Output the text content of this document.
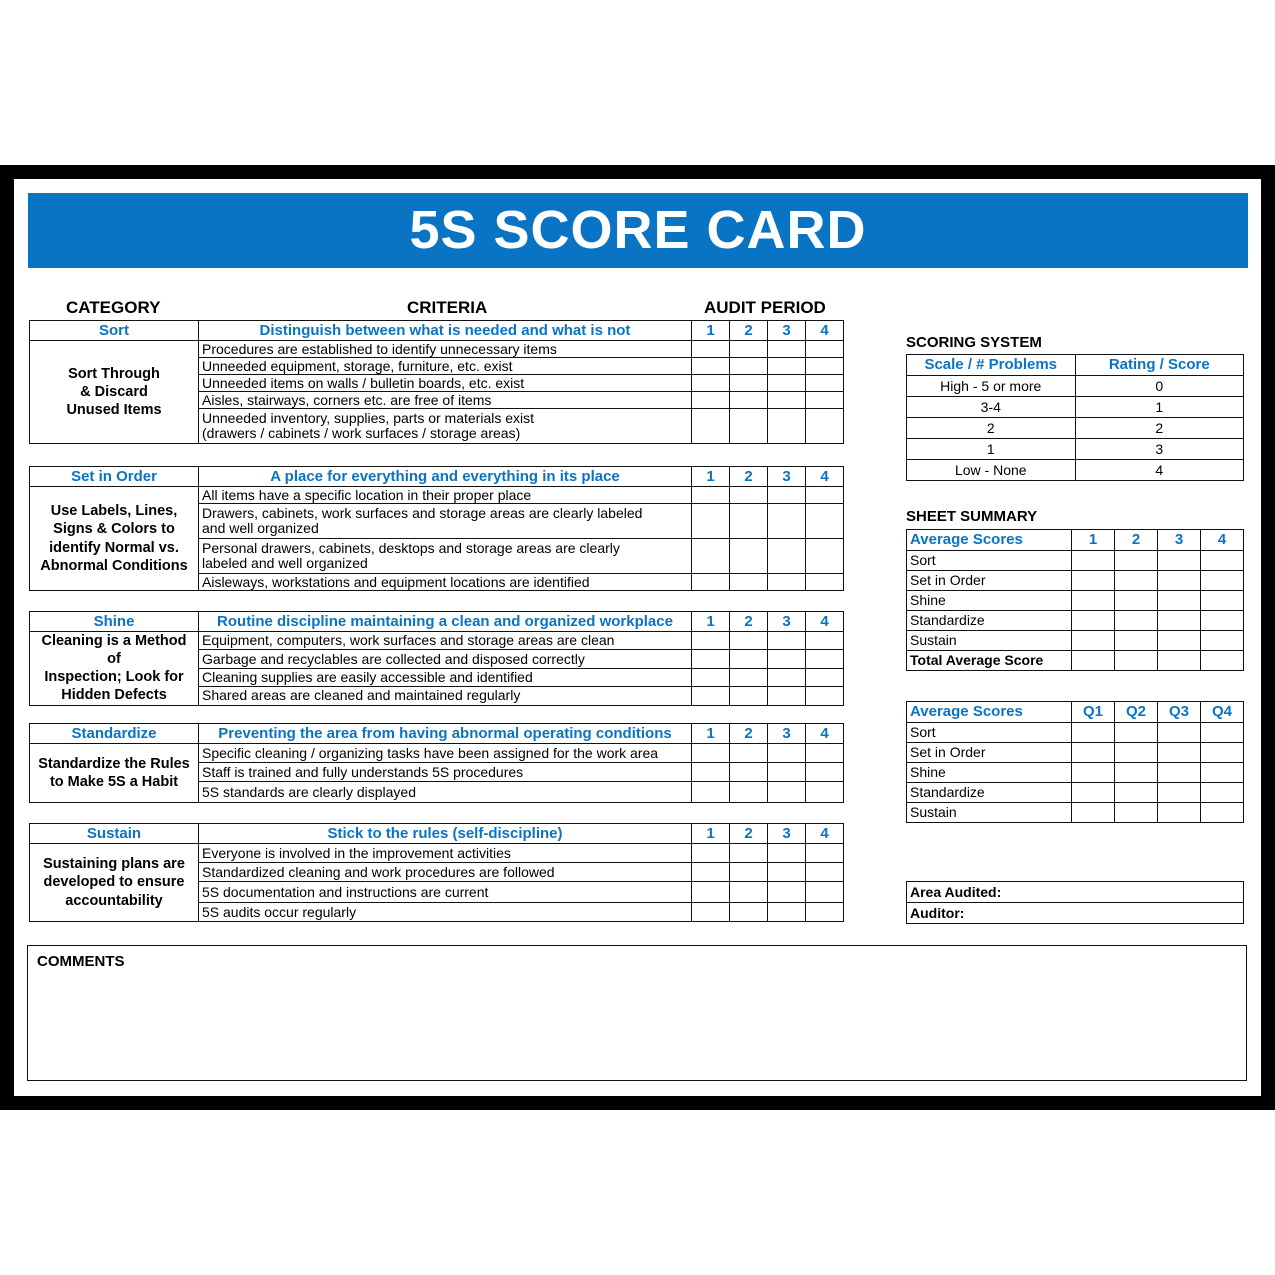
5S SCORE CARD
CATEGORY	CRITERIA	AUDIT PERIOD
Sort	Distinguish between what is needed and what is not	1	2	3	4
Sort Through
& Discard
Unused Items	Procedures are established to identify unnecessary items				
	Unneeded equipment, storage, furniture, etc. exist				
	Unneeded items on walls / bulletin boards, etc. exist				
	Aisles, stairways, corners etc. are free of items				
	Unneeded inventory, supplies, parts or materials exist
(drawers / cabinets / work surfaces / storage areas)				
Set in Order	A place for everything and everything in its place	1	2	3	4
Use Labels, Lines,
Signs & Colors to
identify Normal vs.
Abnormal Conditions	All items have a specific location in their proper place				
	Drawers, cabinets, work surfaces and storage areas are clearly labeled
and well organized				
	Personal drawers, cabinets, desktops and storage areas are clearly
labeled and well organized				
	Aisleways, workstations and equipment locations are identified				
Shine	Routine discipline maintaining a clean and organized workplace	1	2	3	4
Cleaning is a Method of
Inspection; Look for
Hidden Defects	Equipment, computers, work surfaces and storage areas are clean				
	Garbage and recyclables are collected and disposed correctly				
	Cleaning supplies are easily accessible and identified				
	Shared areas are cleaned and maintained regularly				
Standardize	Preventing the area from having abnormal operating conditions	1	2	3	4
Standardize the Rules
to Make 5S a Habit	Specific cleaning / organizing tasks have been assigned for the work area				
	Staff is trained and fully understands 5S procedures				
	5S standards are clearly displayed				
Sustain	Stick to the rules (self-discipline)	1	2	3	4
Sustaining plans are
developed to ensure
accountability	Everyone is involved in the improvement activities				
	Standardized cleaning and work procedures are followed				
	5S documentation and instructions are current				
	5S audits occur regularly				
SCORING SYSTEM
Scale / # Problems	Rating / Score
High - 5 or more	0
3-4	1
2	2
1	3
Low - None	4
SHEET SUMMARY
Average Scores	1	2	3	4
Sort				
Set in Order				
Shine				
Standardize				
Sustain				
Total Average Score				
Average Scores	Q1	Q2	Q3	Q4
Sort				
Set in Order				
Shine				
Standardize				
Sustain				
Area Audited:
Auditor:
COMMENTS
